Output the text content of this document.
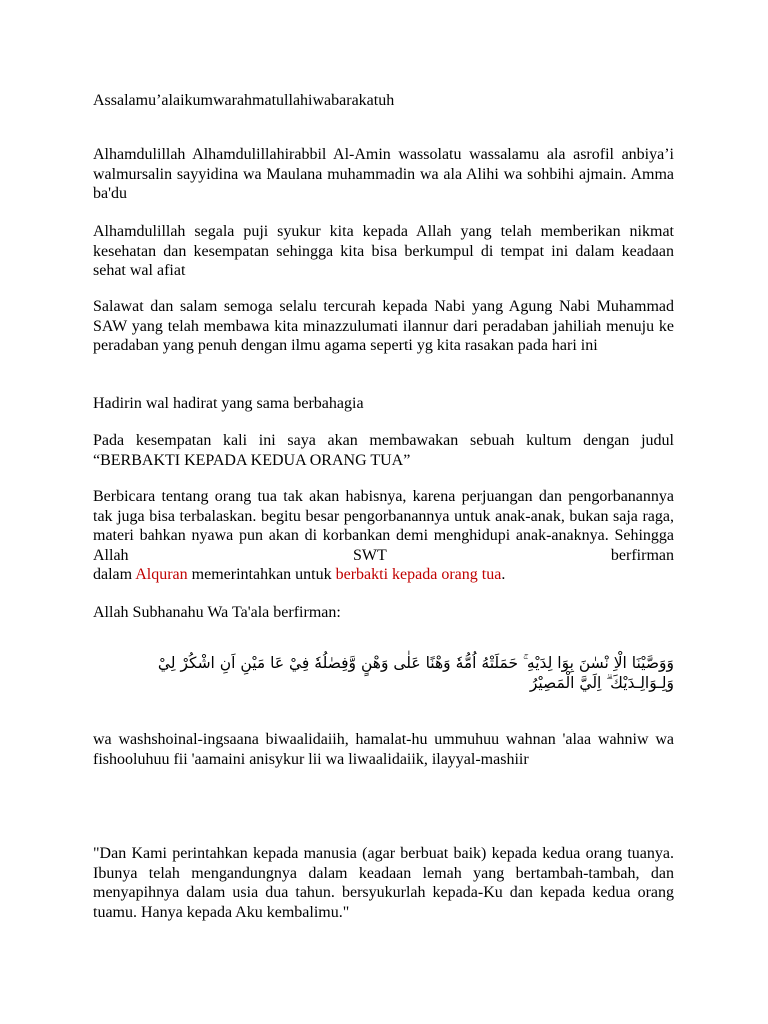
Assalamu’alaikumwarahmatullahiwabarakatuh

Alhamdulillah Alhamdulillahirabbil Al-Amin wassolatu wassalamu ala asrofil anbiya’i walmursalin sayyidina wa Maulana muhammadin wa ala Alihi wa sohbihi ajmain. Amma ba'du

Alhamdulillah segala puji syukur kita kepada Allah yang telah memberikan nikmat kesehatan dan kesempatan sehingga kita bisa berkumpul di tempat ini dalam keadaan sehat wal afiat

Salawat dan salam semoga selalu tercurah kepada Nabi yang Agung Nabi Muhammad SAW yang telah membawa kita minazzulumati ilannur dari peradaban jahiliah menuju ke peradaban yang penuh dengan ilmu agama seperti yg kita rasakan pada hari ini

Hadirin wal hadirat yang sama berbahagia

Pada kesempatan kali ini saya akan membawakan sebuah kultum dengan judul “BERBAKTI KEPADA KEDUA ORANG TUA”

Berbicara tentang orang tua tak akan habisnya, karena perjuangan dan pengorbanannya tak juga bisa terbalaskan. begitu besar pengorbanannya untuk anak-anak, bukan saja raga, materi bahkan nyawa pun akan di korbankan demi menghidupi anak-anaknya. Sehingga Allah SWT berfirman

dalam Alquran memerintahkan untuk berbakti kepada orang tua.

Allah Subhanahu Wa Ta'ala berfirman:

وَوَصَّيْنَا الْاِ نْسٰنَ بِوَا لِدَيْهِ ۚ حَمَلَتْهُ اُمُّهٗ وَهْنًا عَلٰى وَهْنٍ وَّفِصٰلُهٗ فِيْ عَا مَيْنِ اَنِ اشْكُرْ لِيْ وَلِـوَالِـدَيْكَ ۗ اِلَيَّ الْمَصِيْرُ

wa washshoinal-ingsaana biwaalidaiih, hamalat-hu ummuhuu wahnan 'alaa wahniw wa fishooluhuu fii 'aamaini anisykur lii wa liwaalidaiik, ilayyal-mashiir

"Dan Kami perintahkan kepada manusia (agar berbuat baik) kepada kedua orang tuanya. Ibunya telah mengandungnya dalam keadaan lemah yang bertambah-tambah, dan menyapihnya dalam usia dua tahun. bersyukurlah kepada-Ku dan kepada kedua orang tuamu. Hanya kepada Aku kembalimu."
